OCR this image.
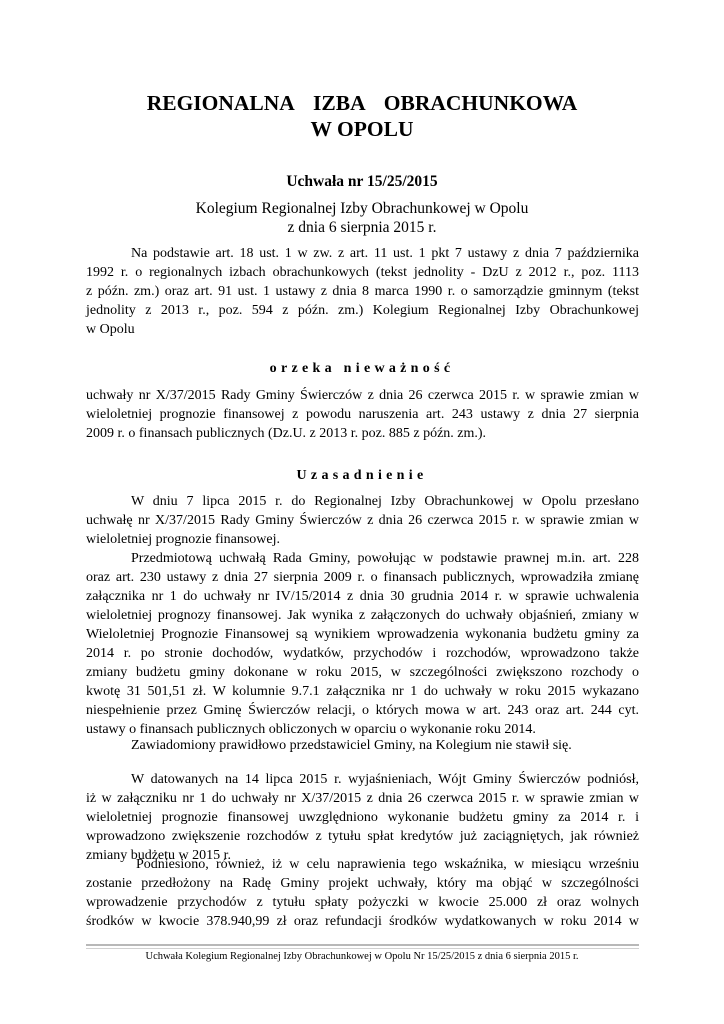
REGIONALNA IZBA OBRACHUNKOWA
W OPOLU
Uchwała nr 15/25/2015
Kolegium Regionalnej Izby Obrachunkowej w Opolu
z dnia 6 sierpnia 2015 r.
Na podstawie art. 18 ust. 1 w zw. z art. 11 ust. 1 pkt 7 ustawy z dnia 7 października
1992 r. o regionalnych izbach obrachunkowych (tekst jednolity - DzU z 2012 r., poz. 1113
z późn. zm.) oraz art. 91 ust. 1 ustawy z dnia 8 marca 1990 r. o samorządzie gminnym (tekst
jednolity z 2013 r., poz. 594 z późn. zm.) Kolegium Regionalnej Izby Obrachunkowej
w Opolu
orzeka nieważność
uchwały nr X/37/2015 Rady Gminy Świerczów z dnia 26 czerwca 2015 r. w sprawie zmian w
wieloletniej prognozie finansowej z powodu naruszenia art. 243 ustawy z dnia 27 sierpnia
2009 r. o finansach publicznych (Dz.U. z 2013 r. poz. 885 z późn. zm.).
Uzasadnienie
W dniu 7 lipca 2015 r. do Regionalnej Izby Obrachunkowej w Opolu przesłano
uchwałę nr X/37/2015 Rady Gminy Świerczów z dnia 26 czerwca 2015 r. w sprawie zmian w
wieloletniej prognozie finansowej.
Przedmiotową uchwałą Rada Gminy, powołując w podstawie prawnej m.in. art. 228
oraz art. 230 ustawy z dnia 27 sierpnia 2009 r. o finansach publicznych, wprowadziła zmianę
załącznika nr 1 do uchwały nr IV/15/2014 z dnia 30 grudnia 2014 r. w sprawie uchwalenia
wieloletniej prognozy finansowej. Jak wynika z załączonych do uchwały objaśnień, zmiany w
Wieloletniej Prognozie Finansowej są wynikiem wprowadzenia wykonania budżetu gminy za
2014 r. po stronie dochodów, wydatków, przychodów i rozchodów, wprowadzono także
zmiany budżetu gminy dokonane w roku 2015, w szczególności zwiększono rozchody o
kwotę 31 501,51 zł. W kolumnie 9.7.1 załącznika nr 1 do uchwały w roku 2015 wykazano
niespełnienie przez Gminę Świerczów relacji, o których mowa w art. 243 oraz art. 244 cyt.
ustawy o finansach publicznych obliczonych w oparciu o wykonanie roku 2014.
Zawiadomiony prawidłowo przedstawiciel Gminy, na Kolegium nie stawił się.
W datowanych na 14 lipca 2015 r. wyjaśnieniach, Wójt Gminy Świerczów podniósł,
iż w załączniku nr 1 do uchwały nr X/37/2015 z dnia 26 czerwca 2015 r. w sprawie zmian w
wieloletniej prognozie finansowej uwzględniono wykonanie budżetu gminy za 2014 r. i
wprowadzono zwiększenie rozchodów z tytułu spłat kredytów już zaciągniętych, jak również
zmiany budżetu w 2015 r.
Podniesiono, również, iż w celu naprawienia tego wskaźnika, w miesiącu wrześniu
zostanie przedłożony na Radę Gminy projekt uchwały, który ma objąć w szczególności
wprowadzenie przychodów z tytułu spłaty pożyczki w kwocie 25.000 zł oraz wolnych
środków w kwocie 378.940,99 zł oraz refundacji środków wydatkowanych w roku 2014 w
Uchwała Kolegium Regionalnej Izby Obrachunkowej w Opolu Nr 15/25/2015 z dnia 6 sierpnia 2015 r.
